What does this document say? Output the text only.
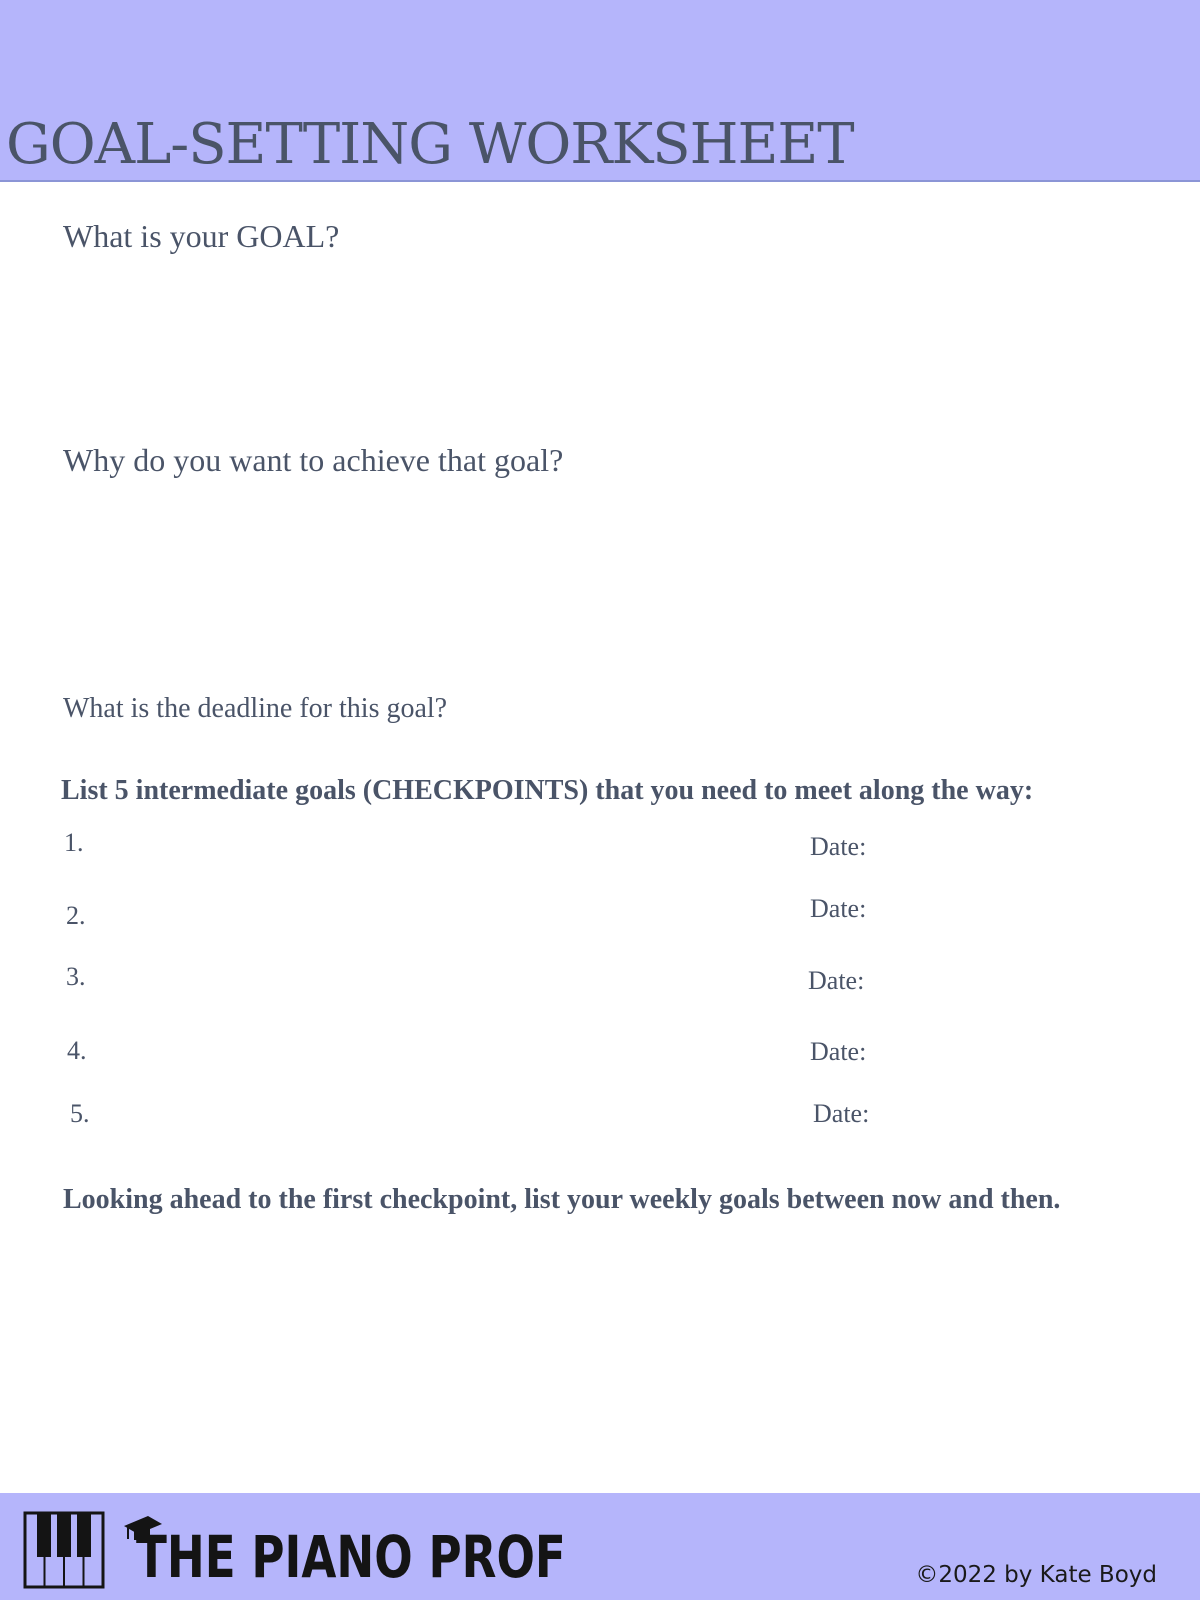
GOAL-SETTING WORKSHEET

What is your GOAL?

Why do you want to achieve that goal?

What is the deadline for this goal?

List 5 intermediate goals (CHECKPOINTS) that you need to meet along the way:

1.	Date:
2.	Date:
3.	Date:
4.	Date:
5.	Date:

Looking ahead to the first checkpoint, list your weekly goals between now and then.

THE PIANO PROF	©2022 by Kate Boyd
